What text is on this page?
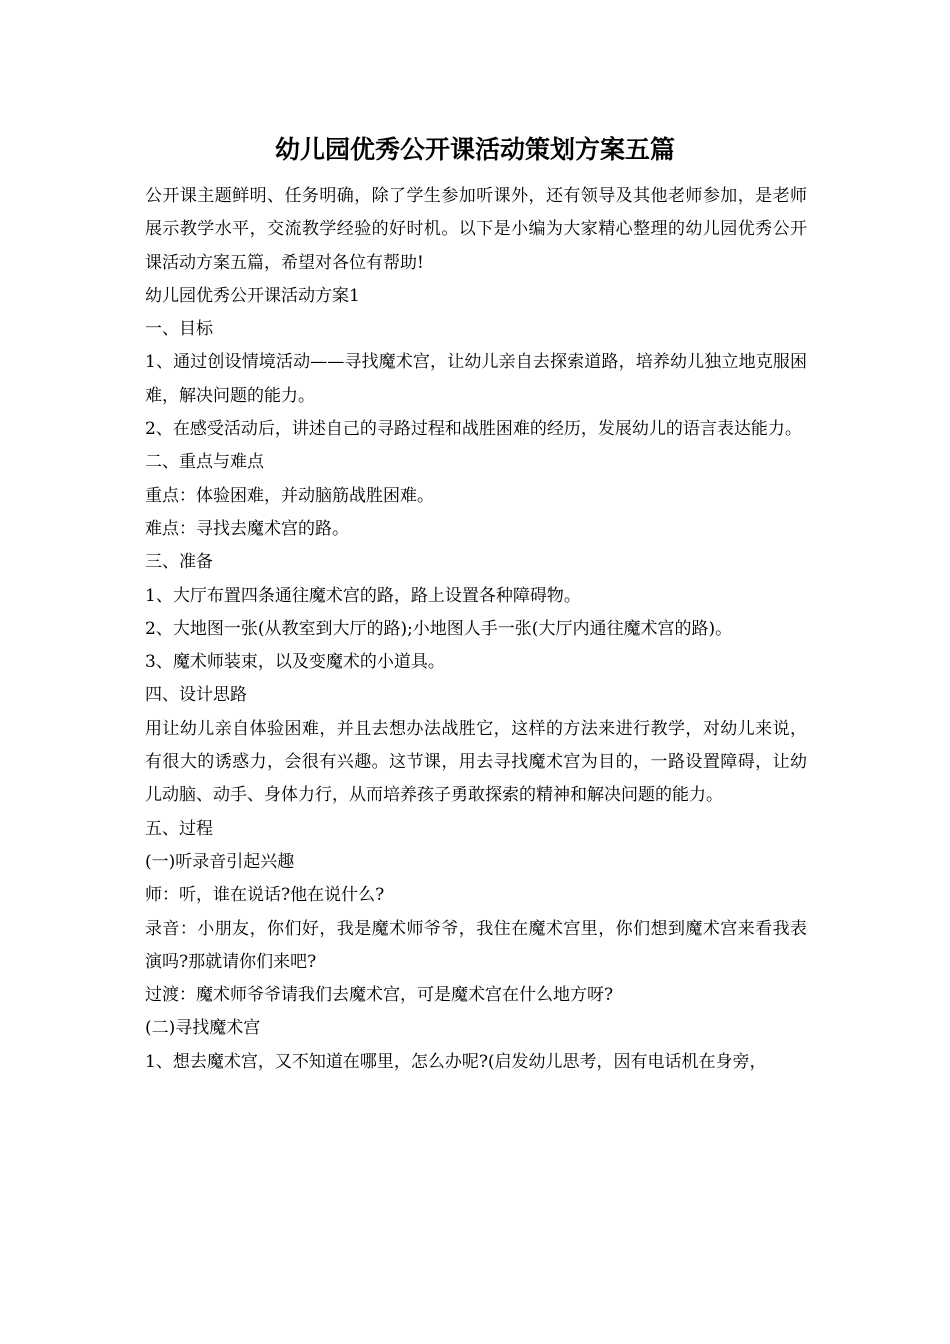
幼儿园优秀公开课活动策划方案五篇

公开课主题鲜明、任务明确，除了学生参加听课外，还有领导及其他老师参加，是老师展示教学水平，交流教学经验的好时机。以下是小编为大家精心整理的幼儿园优秀公开课活动方案五篇，希望对各位有帮助!

幼儿园优秀公开课活动方案1

一、目标

1、通过创设情境活动——寻找魔术宫，让幼儿亲自去探索道路，培养幼儿独立地克服困难，解决问题的能力。

2、在感受活动后，讲述自己的寻路过程和战胜困难的经历，发展幼儿的语言表达能力。

二、重点与难点

重点：体验困难，并动脑筋战胜困难。

难点：寻找去魔术宫的路。

三、准备

1、大厅布置四条通往魔术宫的路，路上设置各种障碍物。

2、大地图一张(从教室到大厅的路);小地图人手一张(大厅内通往魔术宫的路)。

3、魔术师装束，以及变魔术的小道具。

四、设计思路

用让幼儿亲自体验困难，并且去想办法战胜它，这样的方法来进行教学，对幼儿来说，有很大的诱惑力，会很有兴趣。这节课，用去寻找魔术宫为目的，一路设置障碍，让幼儿动脑、动手、身体力行，从而培养孩子勇敢探索的精神和解决问题的能力。

五、过程

(一)听录音引起兴趣

师：听，谁在说话?他在说什么?

录音：小朋友，你们好，我是魔术师爷爷，我住在魔术宫里，你们想到魔术宫来看我表演吗?那就请你们来吧?

过渡：魔术师爷爷请我们去魔术宫，可是魔术宫在什么地方呀?

(二)寻找魔术宫

1、想去魔术宫，又不知道在哪里，怎么办呢?(启发幼儿思考，因有电话机在身旁，
